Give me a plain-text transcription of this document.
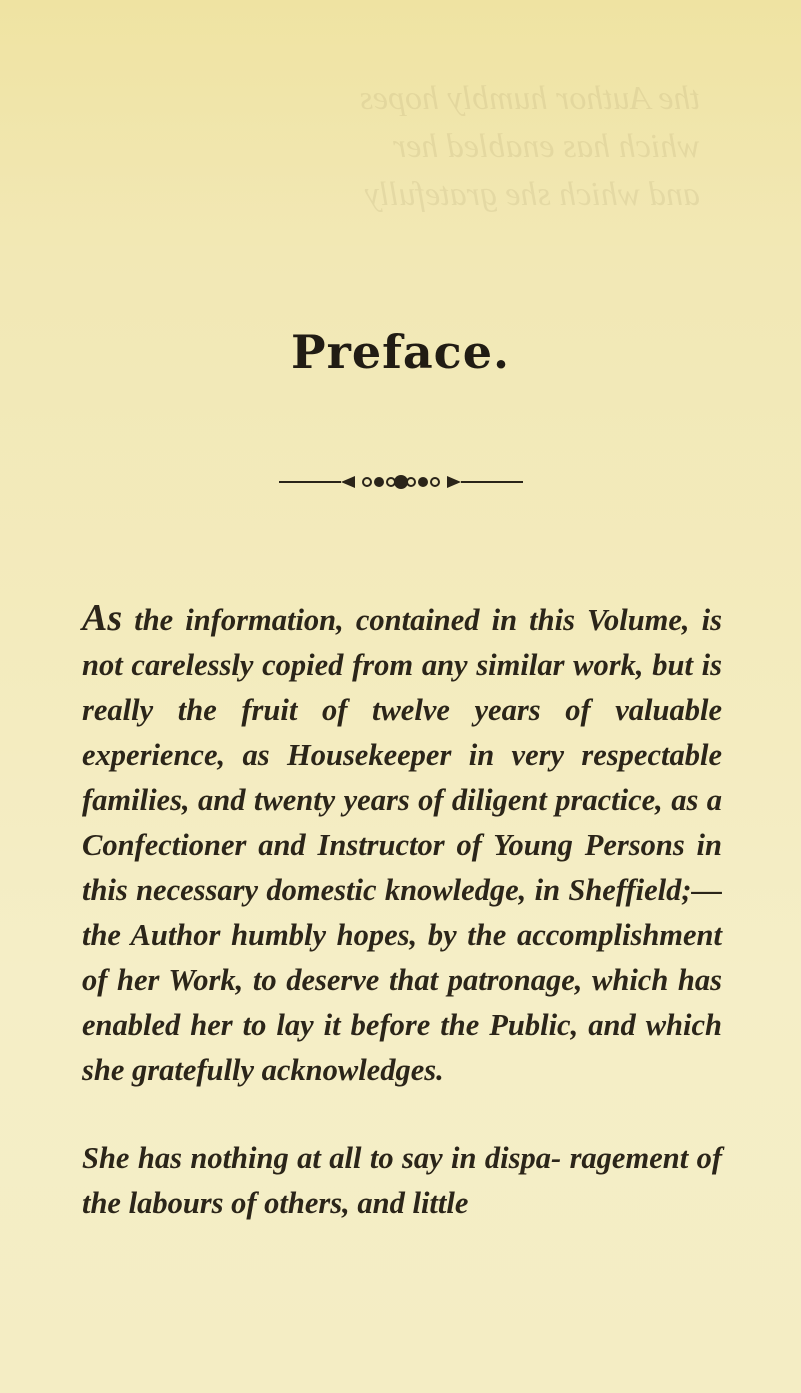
the Author humbly hopes
which has enabled her
and which she gratefully
Preface.

As the information, contained in this Volume, is not carelessly copied from any similar work, but is really the fruit of twelve years of valuable experience, as Housekeeper in very respectable families, and twenty years of diligent practice, as a Confectioner and Instructor of Young Persons in this necessary domestic knowledge, in Sheffield;—the Author humbly hopes, by the accomplishment of her Work, to deserve that patronage, which has enabled her to lay it before the Public, and which she gratefully acknowledges.

She has nothing at all to say in dispa- ragement of the labours of others, and little
